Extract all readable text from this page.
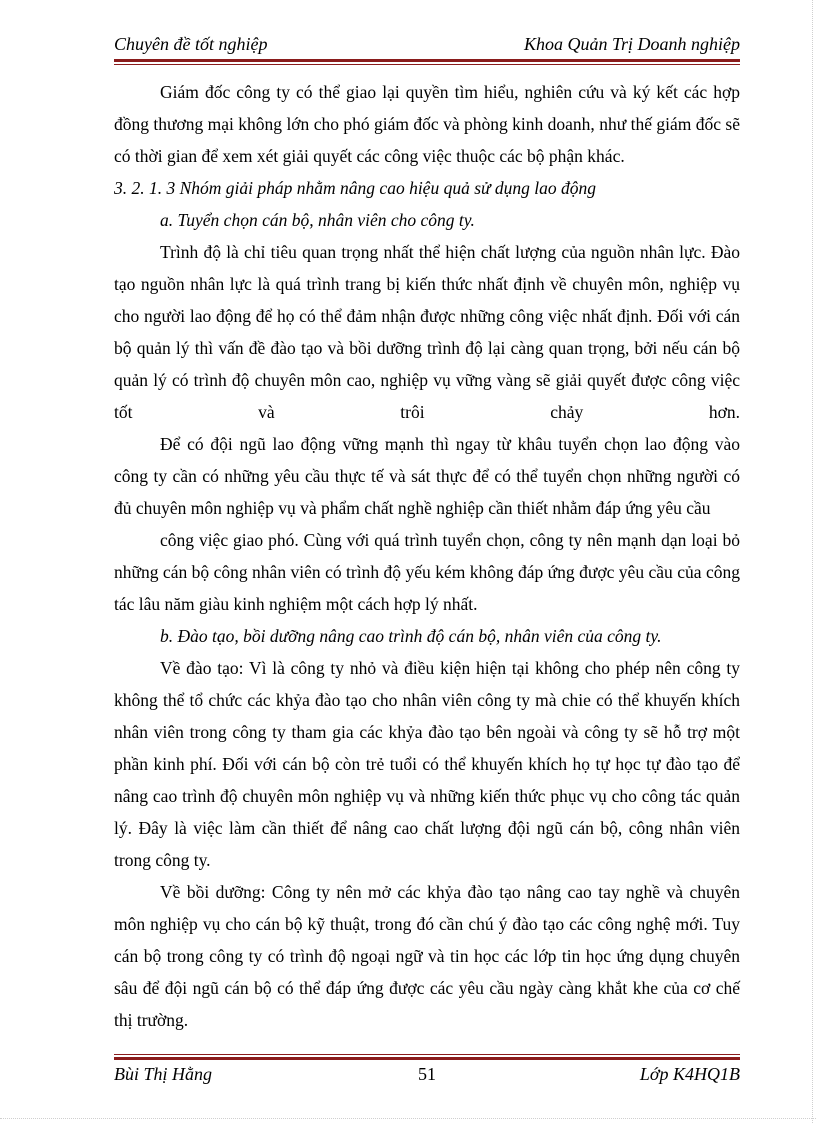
Chuyên đề tốt nghiệp	Khoa Quản Trị Doanh nghiệp

Giám đốc công ty có thể giao lại quyền tìm hiểu, nghiên cứu và ký kết các hợp đồng thương mại không lớn cho phó giám đốc và phòng kinh doanh, như thế giám đốc sẽ có thời gian để xem xét giải quyết các công việc thuộc các bộ phận khác.

3. 2. 1. 3 Nhóm giải pháp nhằm nâng cao hiệu quả sử dụng lao động

a. Tuyển chọn cán bộ, nhân viên cho công ty.

Trình độ là chỉ tiêu quan trọng nhất thể hiện chất lượng của nguồn nhân lực. Đào tạo nguồn nhân lực là quá trình trang bị kiến thức nhất định về chuyên môn, nghiệp vụ cho người lao động để họ có thể đảm nhận được những công việc nhất định. Đối với cán bộ quản lý thì vấn đề đào tạo và bồi dưỡng trình độ lại càng quan trọng, bởi nếu cán bộ quản lý có trình độ chuyên môn cao, nghiệp vụ vững vàng sẽ giải quyết được công việc tốt và trôi chảy hơn.

Để có đội ngũ lao động vững mạnh thì ngay từ khâu tuyển chọn lao động vào công ty cần có những yêu cầu thực tế và sát thực để có thể tuyển chọn những người có đủ chuyên môn nghiệp vụ và phẩm chất nghề nghiệp cần thiết nhằm đáp ứng yêu cầu

công việc giao phó. Cùng với quá trình tuyển chọn, công ty nên mạnh dạn loại bỏ những cán bộ công nhân viên có trình độ yếu kém không đáp ứng được yêu cầu của công tác lâu năm giàu kinh nghiệm một cách hợp lý nhất.

b. Đào tạo, bồi dưỡng nâng cao trình độ cán bộ, nhân viên của công ty.

Về đào tạo: Vì là công ty nhỏ và điều kiện hiện tại không cho phép nên công ty không thể tổ chức các khỷa đào tạo cho nhân viên công ty mà chie có thể khuyến khích nhân viên trong công ty tham gia các khỷa đào tạo bên ngoài và công ty sẽ hỗ trợ một phần kinh phí. Đối với cán bộ còn trẻ tuổi có thể khuyến khích họ tự học tự đào tạo để nâng cao trình độ chuyên môn nghiệp vụ và những kiến thức phục vụ cho công tác quản lý. Đây là việc làm cần thiết để nâng cao chất lượng đội ngũ cán bộ, công nhân viên trong công ty.

Về bồi dưỡng: Công ty nên mở các khỷa đào tạo nâng cao tay nghề và chuyên môn nghiệp vụ cho cán bộ kỹ thuật, trong đó cần chú ý đào tạo các công nghệ mới. Tuy cán bộ trong công ty có trình độ ngoại ngữ và tin học các lớp tin học ứng dụng chuyên sâu để đội ngũ cán bộ có thể đáp ứng được các yêu cầu ngày càng khắt khe của cơ chế thị trường.

Bùi Thị Hằng	51	Lớp K4HQ1B
